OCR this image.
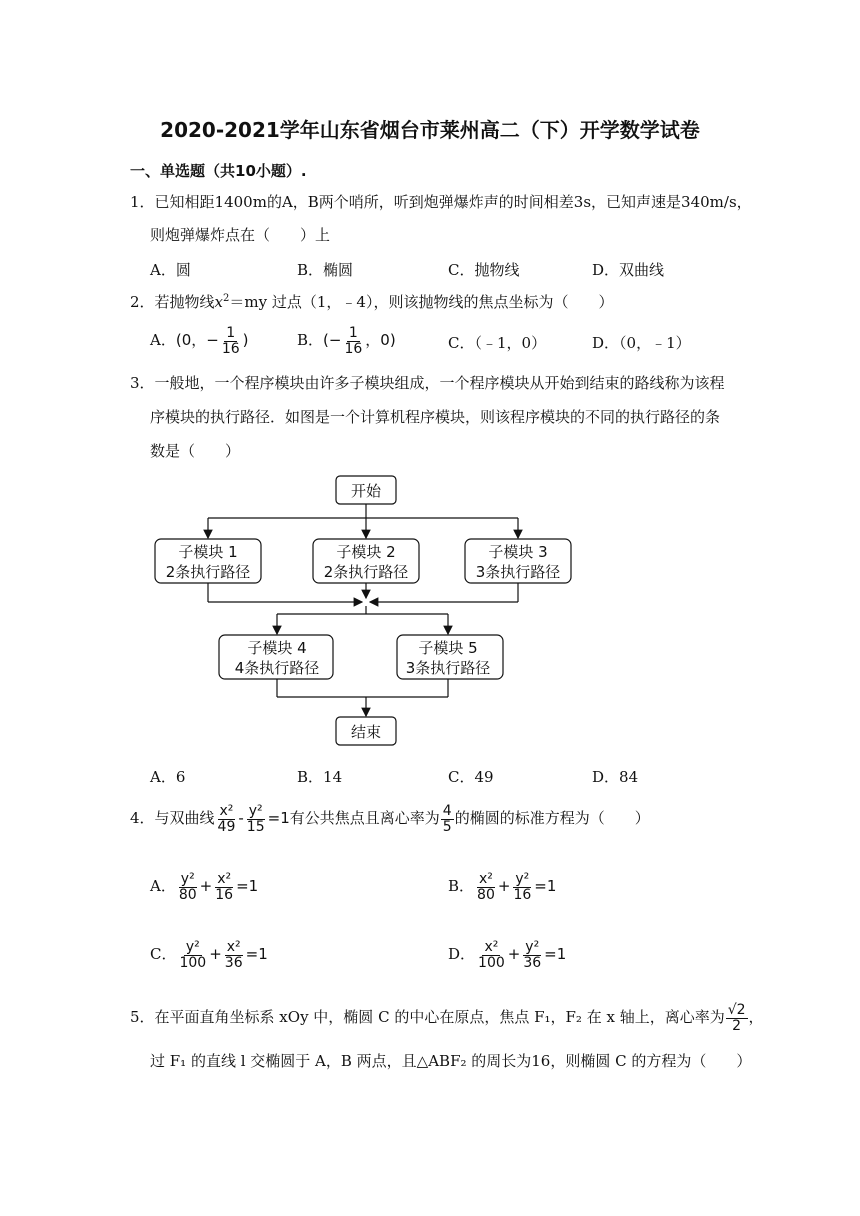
2020-2021学年山东省烟台市莱州高二（下）开学数学试卷
一、单选题（共10小题）.
1．已知相距1400m的A，B两个哨所，听到炮弹爆炸声的时间相差3s，已知声速是340m/s，
则炮弹爆炸点在（　　）上
A．圆	B．椭圆	C．抛物线	D．双曲线
2．若抛物线$x^2=my$ 过点（1，﹣4），则该抛物线的焦点坐标为（　　）
A．(0，− $\frac{1}{16}$ )	B．(− $\frac{1}{16}$ ，0)	C．（﹣1，0）	D．（0，﹣1）
3．一般地，一个程序模块由许多子模块组成，一个程序模块从开始到结束的路线称为该程
序模块的执行路径．如图是一个计算机程序模块，则该程序模块的不同的执行路径的条
数是（　　）
开始
子模块 1
2条执行路径
子模块 2
2条执行路径
子模块 3
3条执行路径
子模块 4
4条执行路径
子模块 5
3条执行路径
结束
A．6	B．14	C．49	D．84
4．与双曲线 $\frac{\text{x²}}{49} - \frac{\text{y²}}{15} =1$有公共焦点且离心率为 $\frac{4}{5}$ 的椭圆的标准方程为（　　）
A． $\frac{\text{y²}}{80} + \frac{\text{x²}}{16} =1$	B． $\frac{\text{x²}}{80} + \frac{\text{y²}}{16} =1$
C． $\frac{\text{y²}}{100} + \frac{\text{x²}}{36} =1$	D． $\frac{\text{x²}}{100} + \frac{\text{y²}}{36} =1$
5．在平面直角坐标系 xOy 中，椭圆 C 的中心在原点，焦点 F₁，F₂ 在 x 轴上，离心率为 $\frac{√2}{2}$ ，
过 F₁ 的直线 l 交椭圆于 A，B 两点，且△ABF₂ 的周长为16，则椭圆 C 的方程为（　　）
